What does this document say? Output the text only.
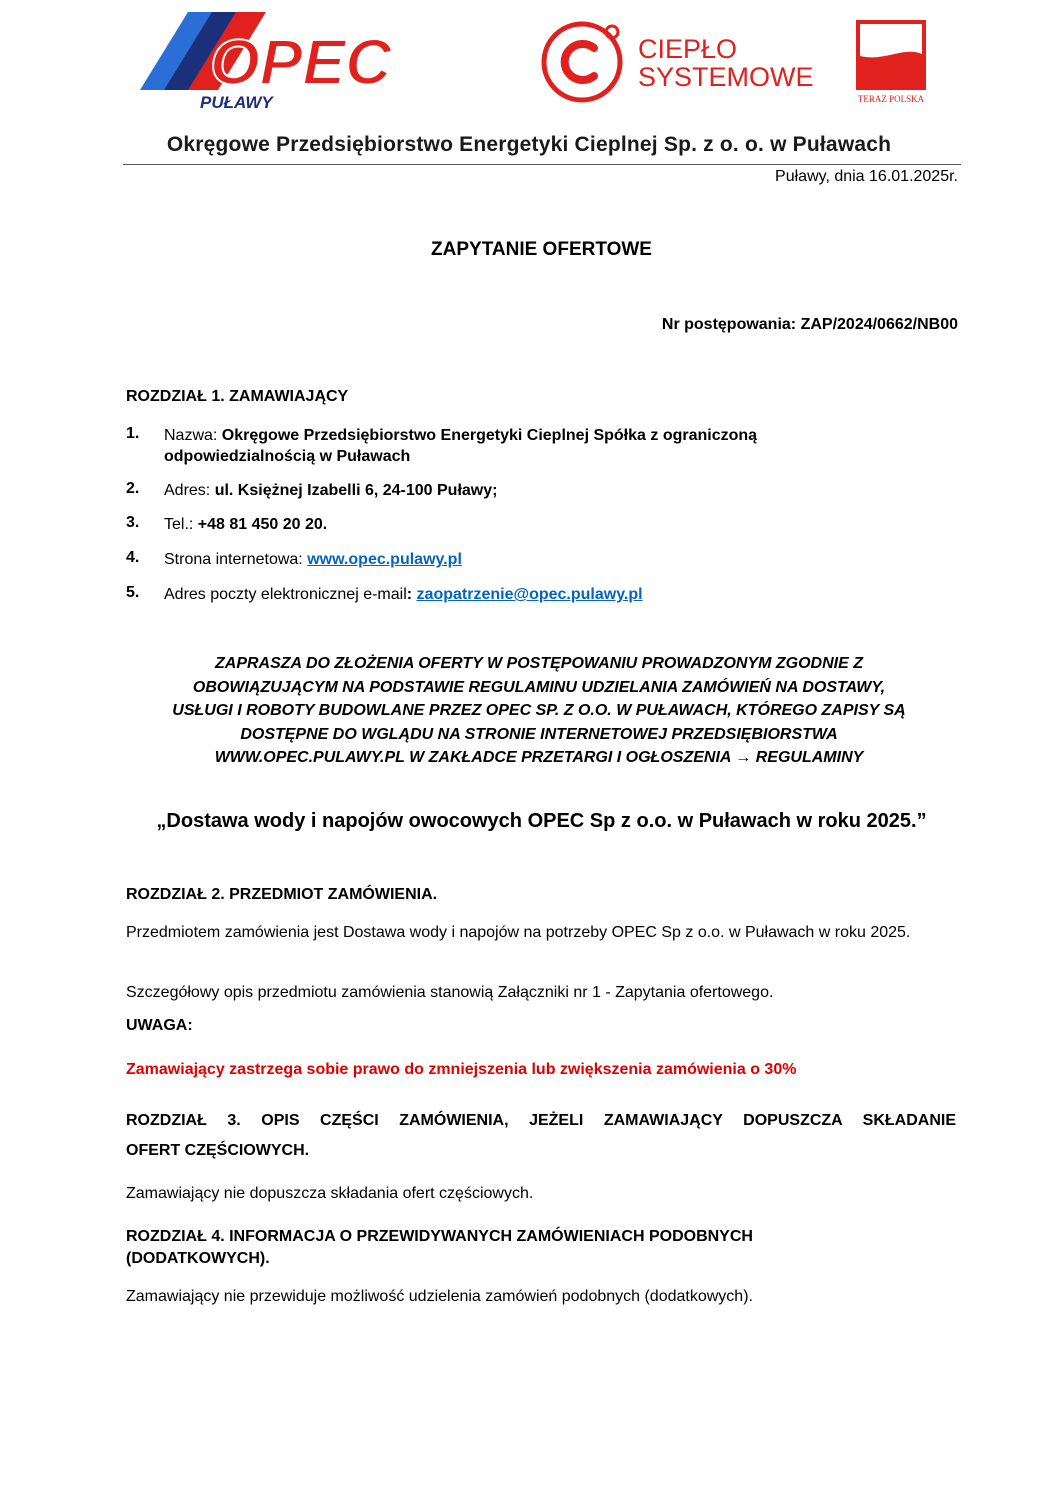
OPEC
PUŁAWY
CIEPŁO
SYSTEMOWE
TERAZ POLSKA
Okręgowe Przedsiębiorstwo Energetyki Cieplnej Sp. z o. o. w Puławach
Puławy, dnia 16.01.2025r.
ZAPYTANIE OFERTOWE
Nr postępowania: ZAP/2024/0662/NB00
ROZDZIAŁ 1. ZAMAWIAJĄCY
1. Nazwa: Okręgowe Przedsiębiorstwo Energetyki Cieplnej Spółka z ograniczoną
odpowiedzialnością w Puławach
2. Adres: ul. Księżnej Izabelli 6, 24-100 Puławy;
3. Tel.: +48 81 450 20 20.
4. Strona internetowa: www.opec.pulawy.pl
5. Adres poczty elektronicznej e-mail: zaopatrzenie@opec.pulawy.pl
ZAPRASZA DO ZŁOŻENIA OFERTY W POSTĘPOWANIU PROWADZONYM ZGODNIE Z
OBOWIĄZUJĄCYM NA PODSTAWIE REGULAMINU UDZIELANIA ZAMÓWIEŃ NA DOSTAWY,
USŁUGI I ROBOTY BUDOWLANE PRZEZ OPEC SP. Z O.O. W PUŁAWACH, KTÓREGO ZAPISY SĄ
DOSTĘPNE DO WGLĄDU NA STRONIE INTERNETOWEJ PRZEDSIĘBIORSTWA
WWW.OPEC.PULAWY.PL W ZAKŁADCE PRZETARGI I OGŁOSZENIA → REGULAMINY
„Dostawa wody i napojów owocowych OPEC Sp z o.o. w Puławach w roku 2025.”
ROZDZIAŁ 2. PRZEDMIOT ZAMÓWIENIA.
Przedmiotem zamówienia jest Dostawa wody i napojów na potrzeby OPEC Sp z o.o. w Puławach w roku 2025.
Szczegółowy opis przedmiotu zamówienia stanowią Załączniki nr 1 - Zapytania ofertowego.
UWAGA:
Zamawiający zastrzega sobie prawo do zmniejszenia lub zwiększenia zamówienia o 30%
ROZDZIAŁ 3. OPIS CZĘŚCI ZAMÓWIENIA, JEŻELI ZAMAWIAJĄCY DOPUSZCZA SKŁADANIE
OFERT CZĘŚCIOWYCH.
Zamawiający nie dopuszcza składania ofert częściowych.
ROZDZIAŁ 4. INFORMACJA O PRZEWIDYWANYCH ZAMÓWIENIACH PODOBNYCH
(DODATKOWYCH).
Zamawiający nie przewiduje możliwość udzielenia zamówień podobnych (dodatkowych).
